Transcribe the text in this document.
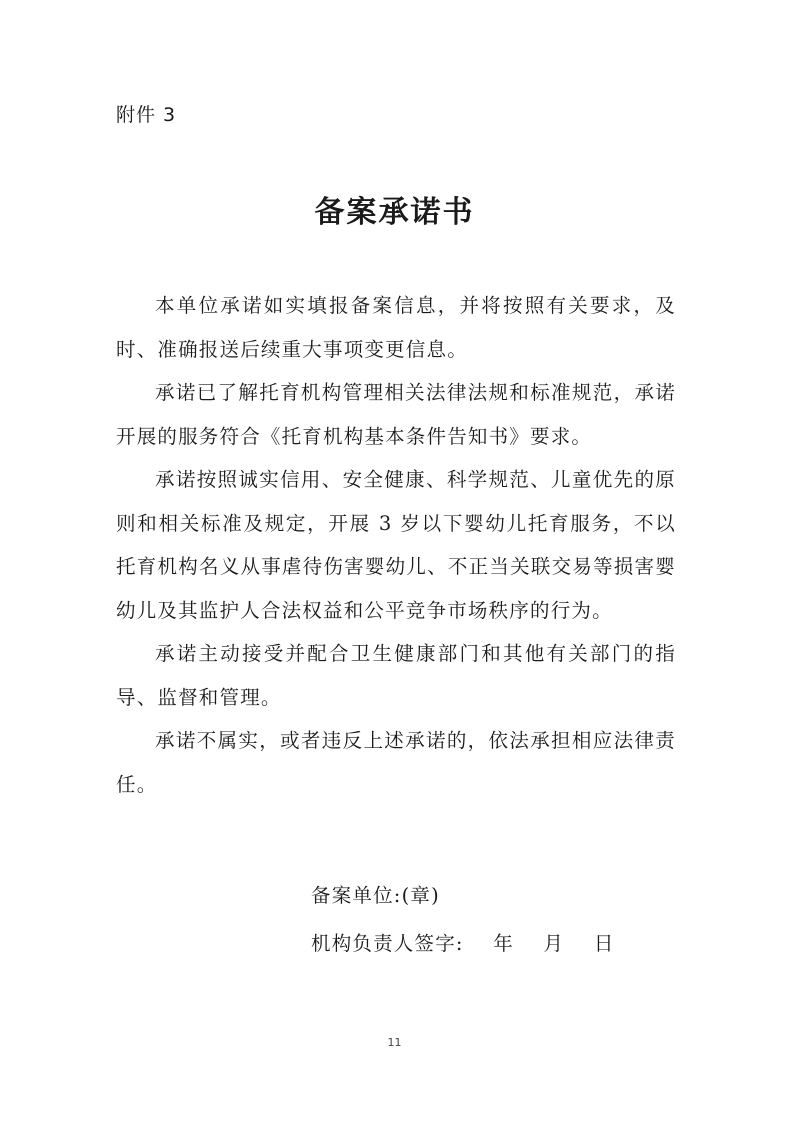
附件 3
备案承诺书

本单位承诺如实填报备案信息，并将按照有关要求，及时、准确报送后续重大事项变更信息。

承诺已了解托育机构管理相关法律法规和标准规范，承诺开展的服务符合《托育机构基本条件告知书》要求。

承诺按照诚实信用、安全健康、科学规范、儿童优先的原则和相关标准及规定，开展 3 岁以下婴幼儿托育服务，不以托育机构名义从事虐待伤害婴幼儿、不正当关联交易等损害婴幼儿及其监护人合法权益和公平竞争市场秩序的行为。

承诺主动接受并配合卫生健康部门和其他有关部门的指导、监督和管理。

承诺不属实，或者违反上述承诺的，依法承担相应法律责任。

备案单位:(章)
机构负责人签字:    年    月    日
11
